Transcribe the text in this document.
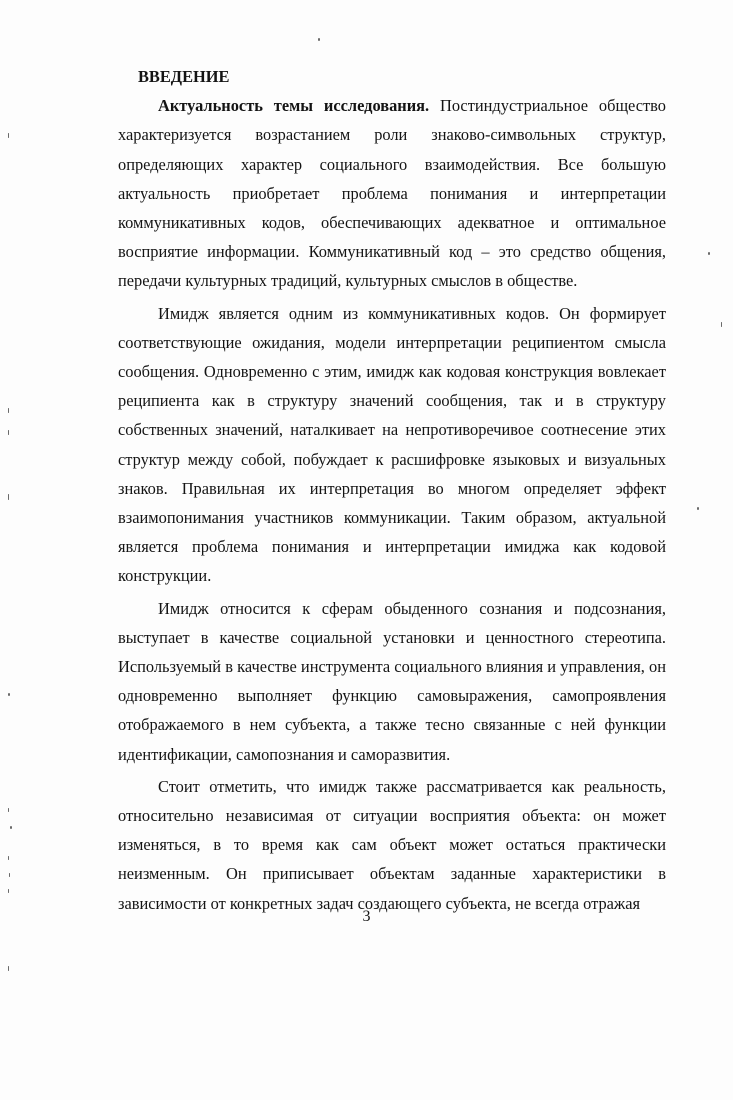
ВВЕДЕНИЕ

Актуальность темы исследования. Постиндустриальное общество характеризуется возрастанием роли знаково-символьных структур, определяющих характер социального взаимодействия. Все большую актуальность приобретает проблема понимания и интерпретации коммуникативных кодов, обеспечивающих адекватное и оптимальное восприятие информации. Коммуникативный код – это средство общения, передачи культурных традиций, культурных смыслов в обществе.

Имидж является одним из коммуникативных кодов. Он формирует соответствующие ожидания, модели интерпретации реципиентом смысла сообщения. Одновременно с этим, имидж как кодовая конструкция вовлекает реципиента как в структуру значений сообщения, так и в структуру собственных значений, наталкивает на непротиворечивое соотнесение этих структур между собой, побуждает к расшифровке языковых и визуальных знаков. Правильная их интерпретация во многом определяет эффект взаимопонимания участников коммуникации. Таким образом, актуальной является проблема понимания и интерпретации имиджа как кодовой конструкции.

Имидж относится к сферам обыденного сознания и подсознания, выступает в качестве социальной установки и ценностного стереотипа. Используемый в качестве инструмента социального влияния и управления, он одновременно выполняет функцию самовыражения, самопроявления отображаемого в нем субъекта, а также тесно связанные с ней функции идентификации, самопознания и саморазвития.

Стоит отметить, что имидж также рассматривается как реальность, относительно независимая от ситуации восприятия объекта: он может изменяться, в то время как сам объект может остаться практически неизменным. Он приписывает объектам заданные характеристики в зависимости от конкретных задач создающего субъекта, не всегда отражая

3
